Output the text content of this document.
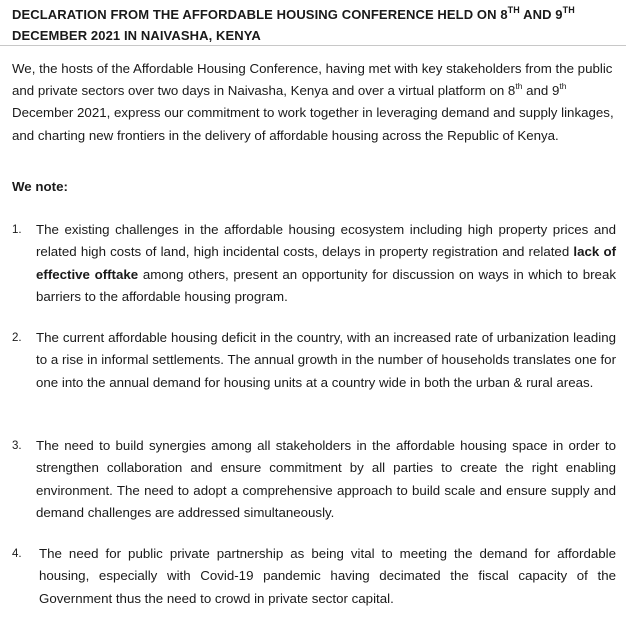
DECLARATION FROM THE AFFORDABLE HOUSING CONFERENCE HELD ON 8TH AND 9TH
DECEMBER 2021 IN NAIVASHA, KENYA

We, the hosts of the Affordable Housing Conference, having met with key stakeholders from the public and private sectors over two days in Naivasha, Kenya and over a virtual platform on 8th and 9th December 2021, express our commitment to work together in leveraging demand and supply linkages, and charting new frontiers in the delivery of affordable housing across the Republic of Kenya.

We note:

1. The existing challenges in the affordable housing ecosystem including high property prices and related high costs of land, high incidental costs, delays in property registration and related lack of effective offtake among others, present an opportunity for discussion on ways in which to break barriers to the affordable housing program.
2. The current affordable housing deficit in the country, with an increased rate of urbanization leading to a rise in informal settlements. The annual growth in the number of households translates one for one into the annual demand for housing units at a country wide in both the urban & rural areas.
3. The need to build synergies among all stakeholders in the affordable housing space in order to strengthen collaboration and ensure commitment by all parties to create the right enabling environment. The need to adopt a comprehensive approach to build scale and ensure supply and demand challenges are addressed simultaneously.
4.	The need for public private partnership as being vital to meeting the demand for affordable housing, especially with Covid-19 pandemic having decimated the fiscal capacity of the Government thus the need to crowd in private sector capital.
